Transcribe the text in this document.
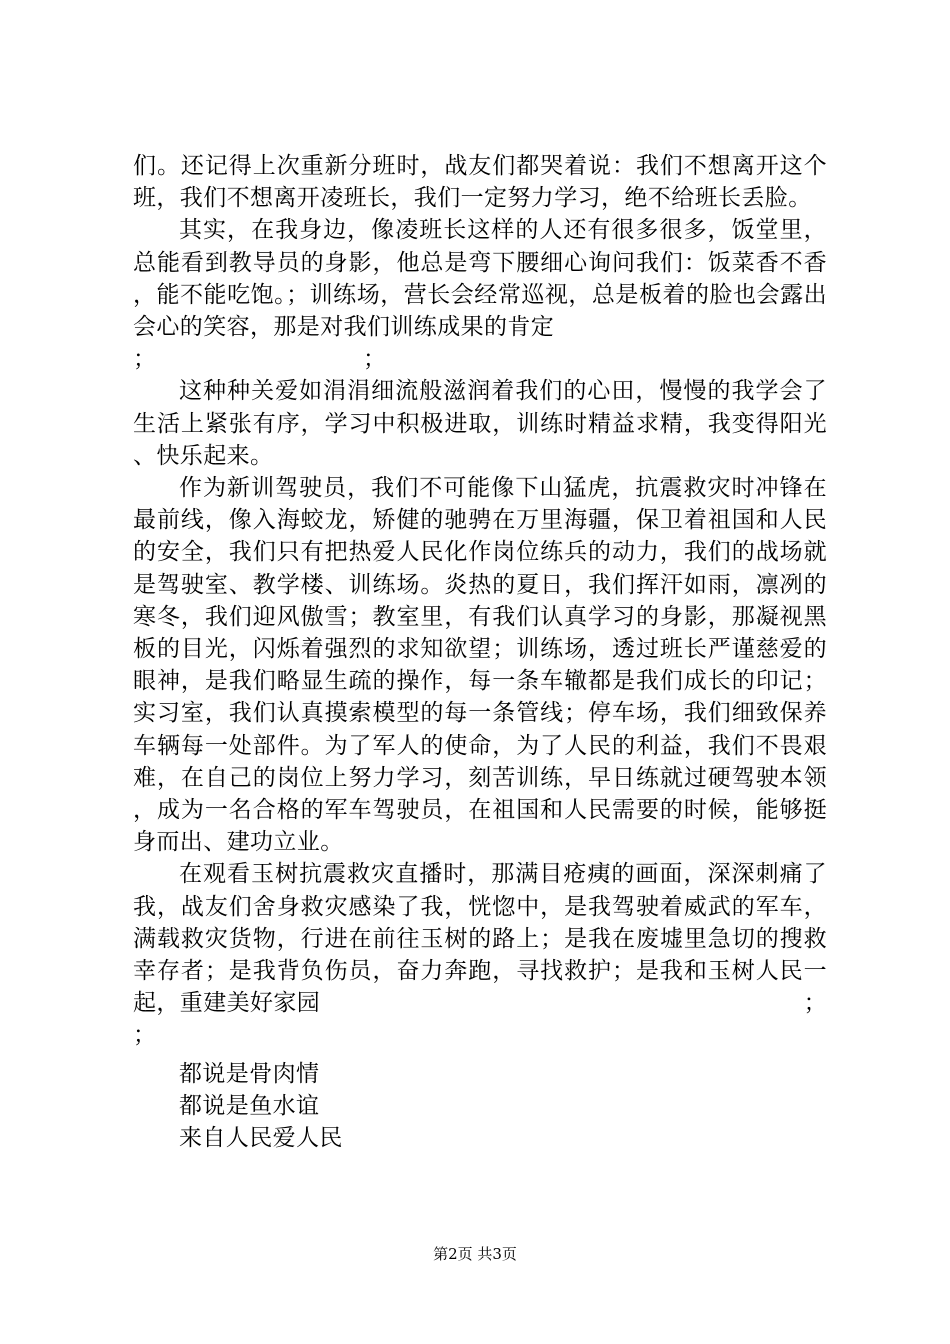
们。还记得上次重新分班时，战友们都哭着说：我们不想离开这个班，我们不想离开凌班长，我们一定努力学习，绝不给班长丢脸。

其实，在我身边，像凌班长这样的人还有很多很多，饭堂里，总能看到教导员的身影，他总是弯下腰细心询问我们：饭菜香不香，能不能吃饱。；训练场，营长会经常巡视，总是板着的脸也会露出会心的笑容，那是对我们训练成果的肯定

；	；

这种种关爱如涓涓细流般滋润着我们的心田，慢慢的我学会了生活上紧张有序，学习中积极进取，训练时精益求精，我变得阳光、快乐起来。

作为新训驾驶员，我们不可能像下山猛虎，抗震救灾时冲锋在最前线，像入海蛟龙，矫健的驰骋在万里海疆，保卫着祖国和人民的安全，我们只有把热爱人民化作岗位练兵的动力，我们的战场就是驾驶室、教学楼、训练场。炎热的夏日，我们挥汗如雨，凛冽的寒冬，我们迎风傲雪；教室里，有我们认真学习的身影，那凝视黑板的目光，闪烁着强烈的求知欲望；训练场，透过班长严谨慈爱的眼神，是我们略显生疏的操作，每一条车辙都是我们成长的印记；实习室，我们认真摸索模型的每一条管线；停车场，我们细致保养车辆每一处部件。为了军人的使命，为了人民的利益，我们不畏艰难，在自己的岗位上努力学习，刻苦训练，早日练就过硬驾驶本领，成为一名合格的军车驾驶员，在祖国和人民需要的时候，能够挺身而出、建功立业。

在观看玉树抗震救灾直播时，那满目疮痍的画面，深深刺痛了我，战友们舍身救灾感染了我，恍惚中，是我驾驶着威武的军车，满载救灾货物，行进在前往玉树的路上；是我在废墟里急切的搜救幸存者；是我背负伤员，奋力奔跑，寻找救护；是我和玉树人民一起，重建美好家园	；

；

都说是骨肉情

都说是鱼水谊

来自人民爱人民

第2页 共3页
